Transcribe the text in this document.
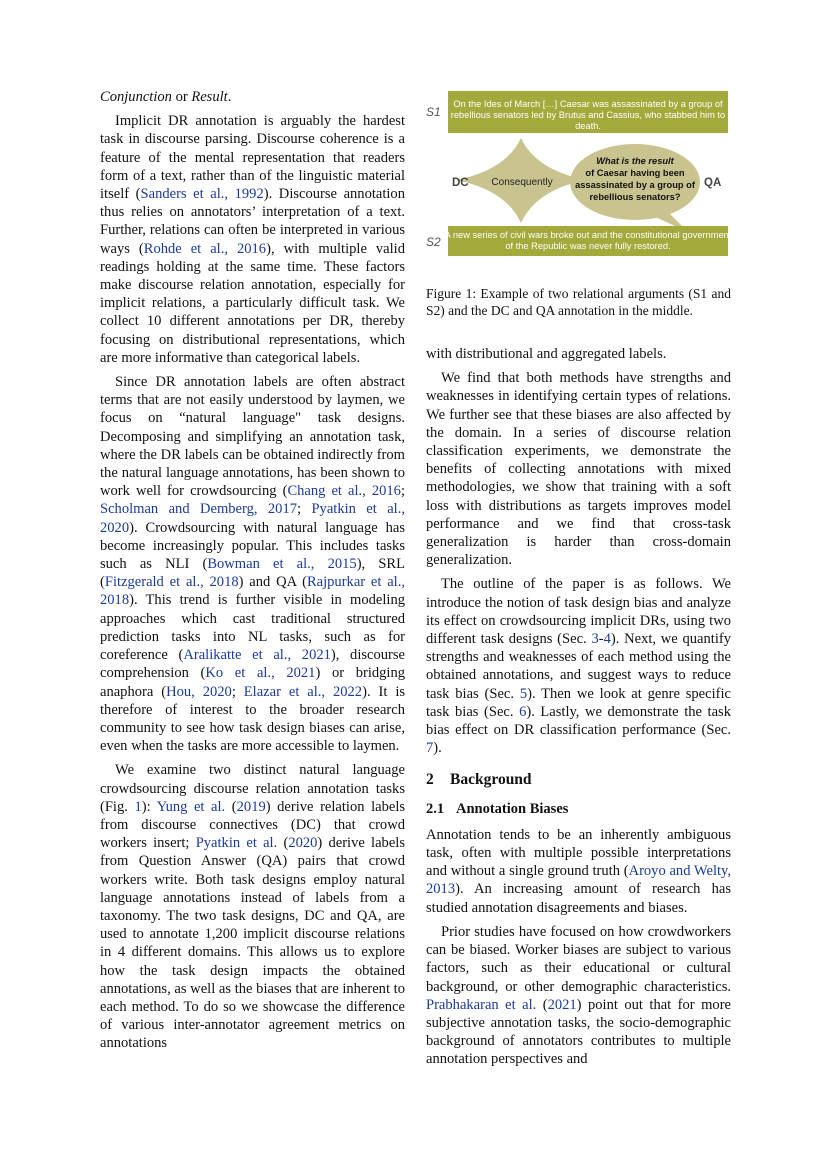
Conjunction or Result.

Implicit DR annotation is arguably the hardest task in discourse parsing. Discourse coherence is a feature of the mental representation that readers form of a text, rather than of the linguistic material itself (Sanders et al., 1992). Discourse annotation thus relies on annotators’ interpretation of a text. Further, relations can often be interpreted in various ways (Rohde et al., 2016), with multiple valid readings holding at the same time. These factors make discourse relation annotation, especially for implicit relations, a particularly difficult task. We collect 10 different annotations per DR, thereby focusing on distributional representations, which are more informative than categorical labels.

Since DR annotation labels are often abstract terms that are not easily understood by laymen, we focus on “natural language" task designs. Decomposing and simplifying an annotation task, where the DR labels can be obtained indirectly from the natural language annotations, has been shown to work well for crowdsourcing (Chang et al., 2016; Scholman and Demberg, 2017; Pyatkin et al., 2020). Crowdsourcing with natural language has become increasingly popular. This includes tasks such as NLI (Bowman et al., 2015), SRL (Fitzgerald et al., 2018) and QA (Rajpurkar et al., 2018). This trend is further visible in modeling approaches which cast traditional structured prediction tasks into NL tasks, such as for coreference (Aralikatte et al., 2021), discourse comprehension (Ko et al., 2021) or bridging anaphora (Hou, 2020; Elazar et al., 2022). It is therefore of interest to the broader research community to see how task design biases can arise, even when the tasks are more accessible to laymen.

We examine two distinct natural language crowdsourcing discourse relation annotation tasks (Fig. 1): Yung et al. (2019) derive relation labels from discourse connectives (DC) that crowd workers insert; Pyatkin et al. (2020) derive labels from Question Answer (QA) pairs that crowd workers write. Both task designs employ natural language annotations instead of labels from a taxonomy. The two task designs, DC and QA, are used to annotate 1,200 implicit discourse relations in 4 different domains. This allows us to explore how the task design impacts the obtained annotations, as well as the biases that are inherent to each method. To do so we showcase the difference of various inter-annotator agreement metrics on annotations

S1
On the Ides of March […] Caesar was assassinated by a group of
rebellious senators led by Brutus and Cassius, who stabbed him to
death.
DC Consequently	QA
What is the result
of Caesar having been
assassinated by a group of
rebellious senators?
S2 A new series of civil wars broke out and the constitutional government
of the Republic was never fully restored.
Figure 1: Example of two relational arguments (S1 and S2) and the DC and QA annotation in the middle.

with distributional and aggregated labels.

We find that both methods have strengths and weaknesses in identifying certain types of relations. We further see that these biases are also affected by the domain. In a series of discourse relation classification experiments, we demonstrate the benefits of collecting annotations with mixed methodologies, we show that training with a soft loss with distributions as targets improves model performance and we find that cross-task generalization is harder than cross-domain generalization.

The outline of the paper is as follows. We introduce the notion of task design bias and analyze its effect on crowdsourcing implicit DRs, using two different task designs (Sec. 3-4). Next, we quantify strengths and weaknesses of each method using the obtained annotations, and suggest ways to reduce task bias (Sec. 5). Then we look at genre specific task bias (Sec. 6). Lastly, we demonstrate the task bias effect on DR classification performance (Sec. 7).

2 Background
2.1 Annotation Biases

Annotation tends to be an inherently ambiguous task, often with multiple possible interpretations and without a single ground truth (Aroyo and Welty, 2013). An increasing amount of research has studied annotation disagreements and biases.

Prior studies have focused on how crowdworkers can be biased. Worker biases are subject to various factors, such as their educational or cultural background, or other demographic characteristics. Prabhakaran et al. (2021) point out that for more subjective annotation tasks, the socio-demographic background of annotators contributes to multiple annotation perspectives and
